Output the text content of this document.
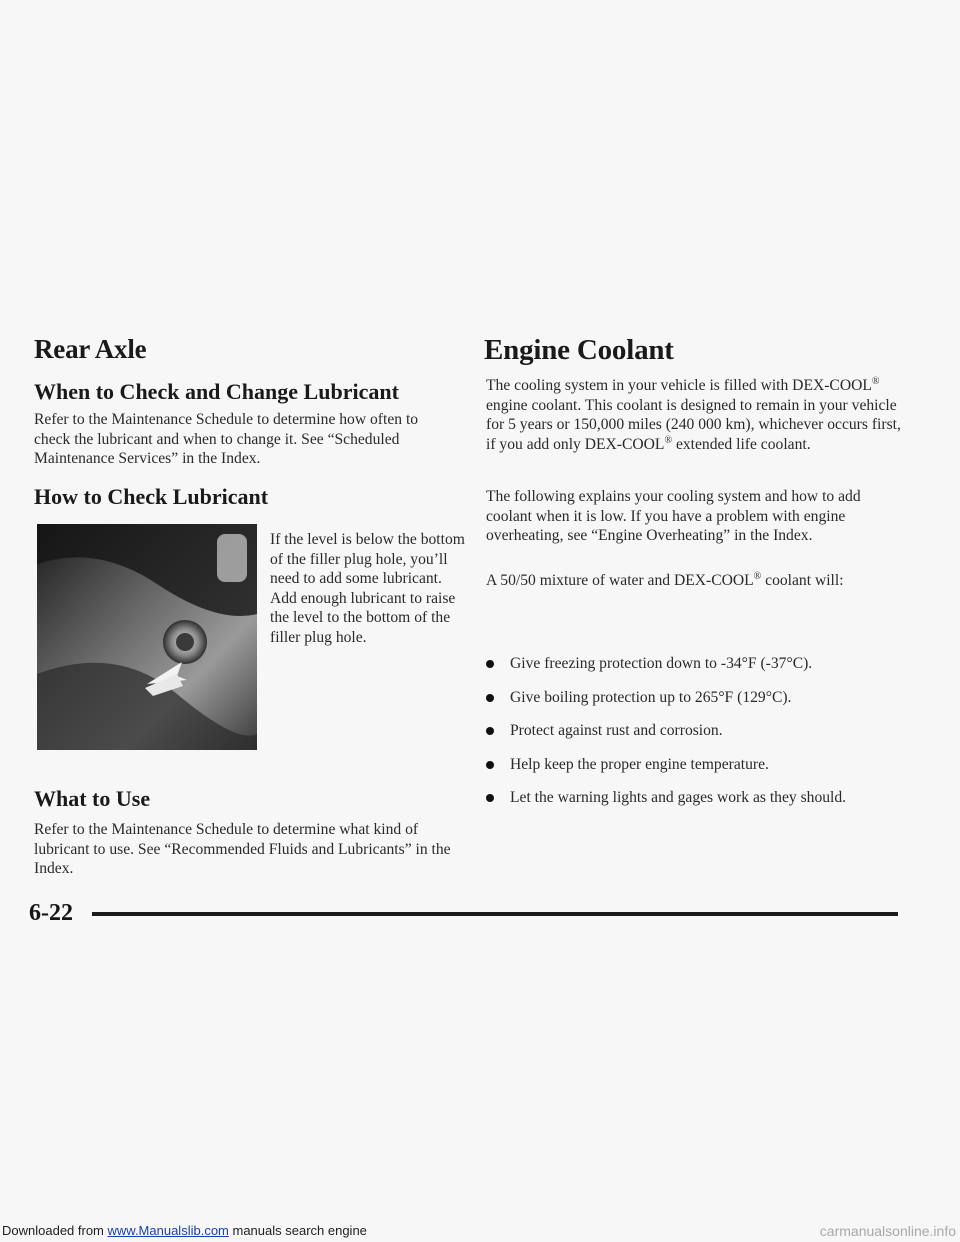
Rear Axle
When to Check and Change Lubricant

Refer to the Maintenance Schedule to determine how often to check the lubricant and when to change it. See “Scheduled Maintenance Services” in the Index.

How to Check Lubricant

If the level is below the bottom of the filler plug hole, you’ll need to add some lubricant. Add enough lubricant to raise the level to the bottom of the filler plug hole.

What to Use

Refer to the Maintenance Schedule to determine what kind of lubricant to use. See “Recommended Fluids and Lubricants” in the Index.

Engine Coolant

The cooling system in your vehicle is filled with DEX-COOL® engine coolant. This coolant is designed to remain in your vehicle for 5 years or 150,000 miles (240 000 km), whichever occurs first, if you add only DEX-COOL® extended life coolant.

The following explains your cooling system and how to add coolant when it is low. If you have a problem with engine overheating, see “Engine Overheating” in the Index.

A 50/50 mixture of water and DEX-COOL® coolant will:

Give freezing protection down to -34°F (-37°C).
Give boiling protection up to 265°F (129°C).
Protect against rust and corrosion.
Help keep the proper engine temperature.
Let the warning lights and gages work as they should.

6-22

Downloaded from www.Manualslib.com manuals search engine	carmanualsonline.info
